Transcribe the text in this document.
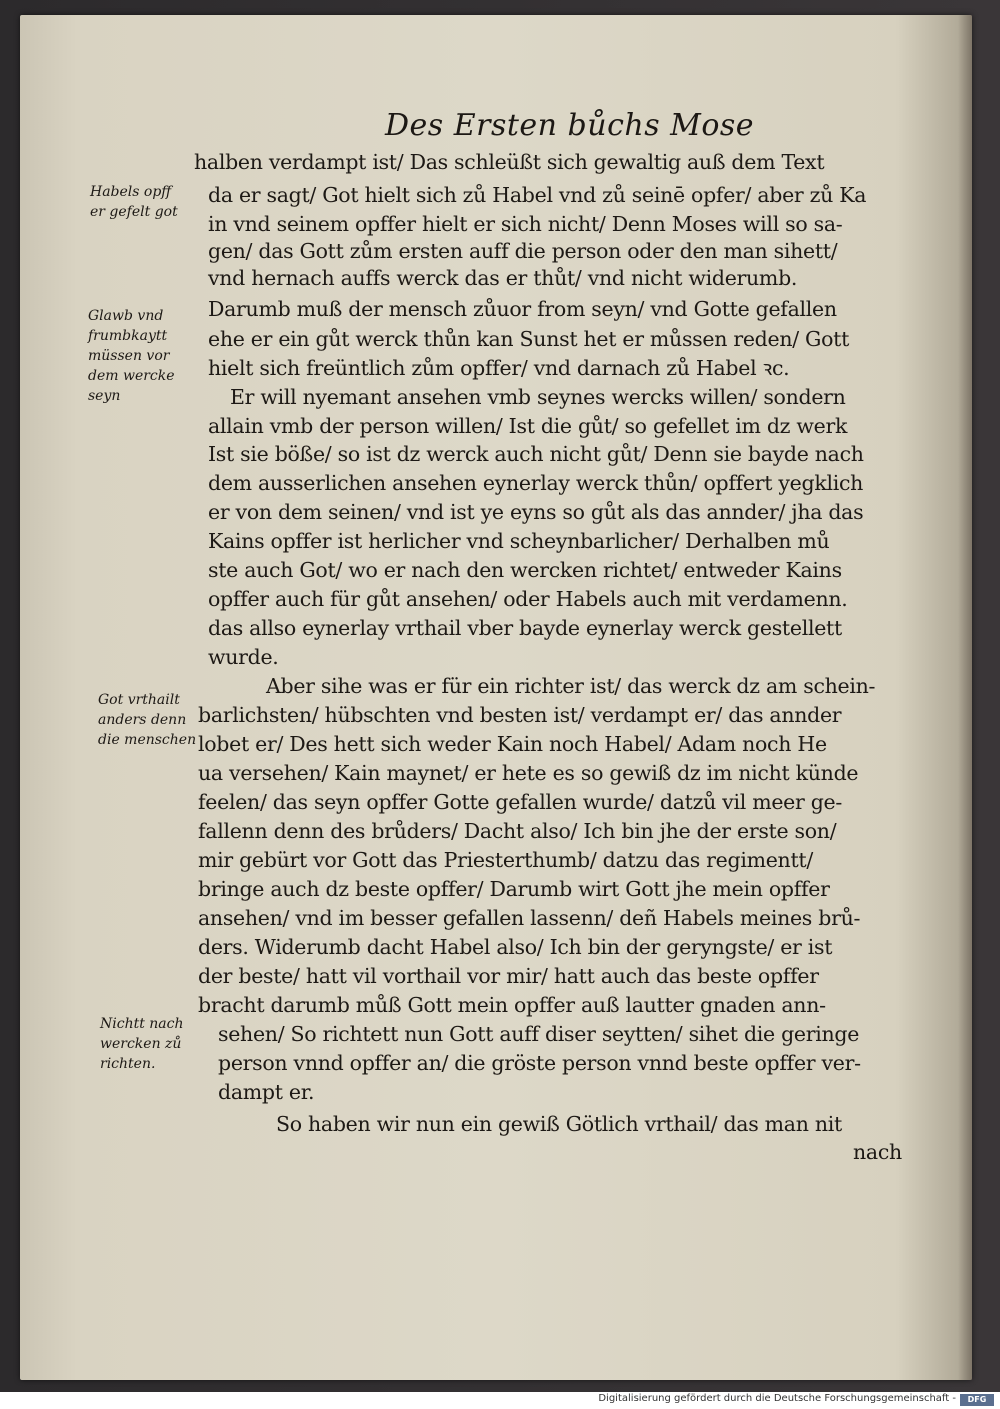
Des Ersten bůchs Mose
halben verdampt ist/ Das schleüßt sich gewaltig auß dem Text
da er sagt/ Got hielt sich zů Habel vnd zů seinē opfer/ aber zů Ka
in vnd seinem opffer hielt er sich nicht/ Denn Moses will so sa-
gen/ das Gott zům ersten auff die person oder den man sihett/
vnd hernach auffs werck das er thůt/ vnd nicht widerumb.
Darumb muß der mensch zůuor from seyn/ vnd Gotte gefallen
ehe er ein gůt werck thůn kan Sunst het er můssen reden/ Gott
hielt sich freüntlich zům opffer/ vnd darnach zů Habel ꝛc.
Er will nyemant ansehen vmb seynes wercks willen/ sondern
allain vmb der person willen/ Ist die gůt/ so gefellet im dz werk
Ist sie böße/ so ist dz werck auch nicht gůt/ Denn sie bayde nach
dem ausserlichen ansehen eynerlay werck thůn/ opffert yegklich
er von dem seinen/ vnd ist ye eyns so gůt als das annder/ jha das
Kains opffer ist herlicher vnd scheynbarlicher/ Derhalben mů
ste auch Got/ wo er nach den wercken richtet/ entweder Kains
opffer auch für gůt ansehen/ oder Habels auch mit verdamenn.
das allso eynerlay vrthail vber bayde eynerlay werck gestellett
wurde.
Aber sihe was er für ein richter ist/ das werck dz am schein-
barlichsten/ hübschten vnd besten ist/ verdampt er/ das annder
lobet er/ Des hett sich weder Kain noch Habel/ Adam noch He
ua versehen/ Kain maynet/ er hete es so gewiß dz im nicht künde
feelen/ das seyn opffer Gotte gefallen wurde/ datzů vil meer ge-
fallenn denn des brůders/ Dacht also/ Ich bin jhe der erste son/
mir gebürt vor Gott das Priesterthumb/ datzu das regimentt/
bringe auch dz beste opffer/ Darumb wirt Gott jhe mein opffer
ansehen/ vnd im besser gefallen lassenn/ deñ Habels meines brů-
ders. Widerumb dacht Habel also/ Ich bin der geryngste/ er ist
der beste/ hatt vil vorthail vor mir/ hatt auch das beste opffer
bracht darumb můß Gott mein opffer auß lautter gnaden ann-
sehen/ So richtett nun Gott auff diser seytten/ sihet die geringe
person vnnd opffer an/ die gröste person vnnd beste opffer ver-
dampt er.
So haben wir nun ein gewiß Götlich vrthail/ das man nit
nach
Habels opff
er gefelt got
Glawb vnd
frumbkaytt
müssen vor
dem wercke
seyn
Got vrthailt
anders denn
die menschen
Nichtt nach
wercken zů
richten.
Digitalisierung gefördert durch die Deutsche Forschungsgemeinschaft -	DFG
